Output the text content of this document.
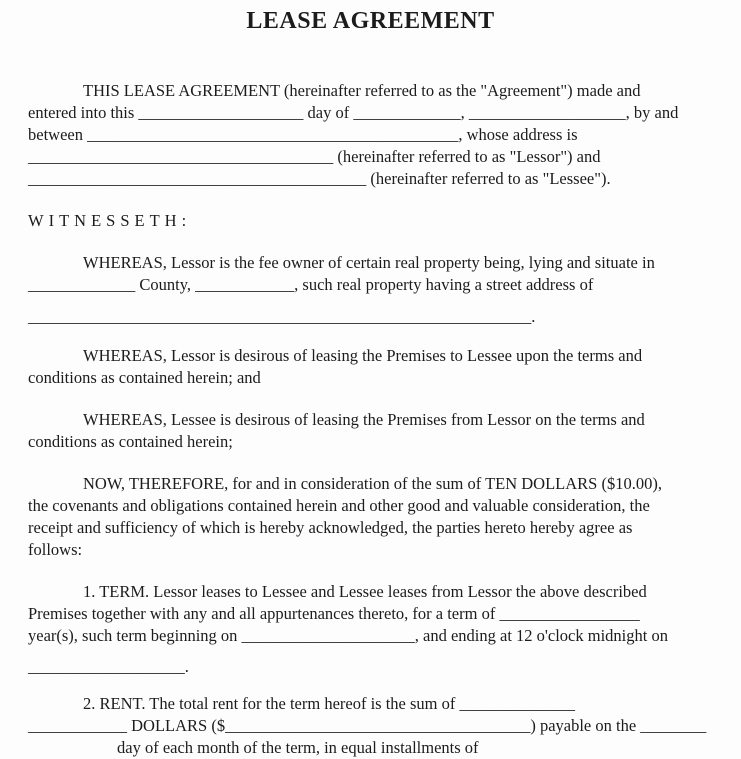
LEASE AGREEMENT

THIS LEASE AGREEMENT (hereinafter referred to as the "Agreement") made and
entered into this ____________________ day of _____________, ___________________, by and
between _____________________________________________, whose address is
_____________________________________ (hereinafter referred to as "Lessor") and
_________________________________________ (hereinafter referred to as "Lessee").

WITNESSETH:

WHEREAS, Lessor is the fee owner of certain real property being, lying and situate in
_____________ County, ____________, such real property having a street address of
_____________________________________________________________.

WHEREAS, Lessor is desirous of leasing the Premises to Lessee upon the terms and
conditions as contained herein; and

WHEREAS, Lessee is desirous of leasing the Premises from Lessor on the terms and
conditions as contained herein;

NOW, THEREFORE, for and in consideration of the sum of TEN DOLLARS ($10.00),
the covenants and obligations contained herein and other good and valuable consideration, the
receipt and sufficiency of which is hereby acknowledged, the parties hereto hereby agree as
follows:

1. TERM. Lessor leases to Lessee and Lessee leases from Lessor the above described
Premises together with any and all appurtenances thereto, for a term of _________________
year(s), such term beginning on _____________________, and ending at 12 o'clock midnight on
___________________.

2. RENT. The total rent for the term hereof is the sum of ______________
____________ DOLLARS ($_____________________________________) payable on the ________
day of each month of the term, in equal installments of
